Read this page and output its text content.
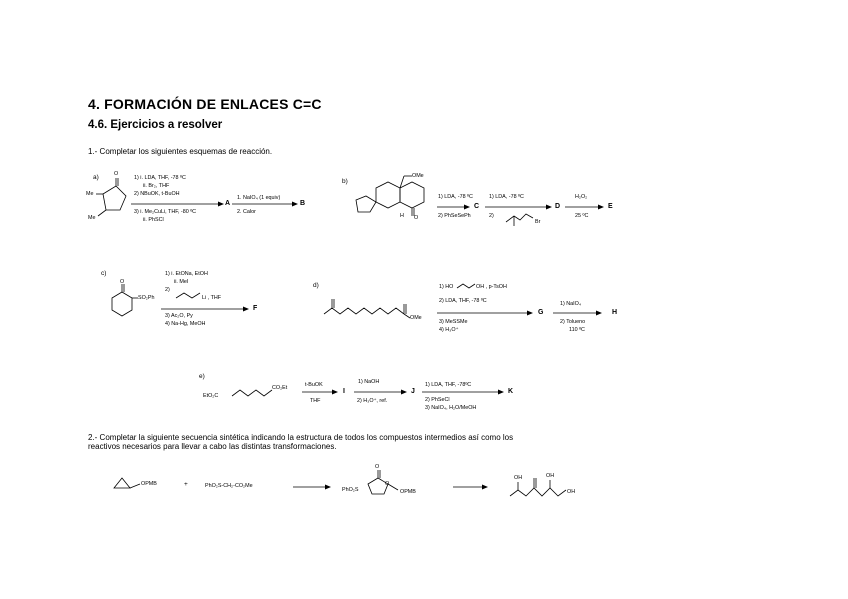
4. FORMACIÓN DE ENLACES C=C
4.6. Ejercicios a resolver
1.- Completar los siguientes esquemas de reacción.
a)
Me
Me
O
1) i. LDA, THF, -78 ºC
ii. Br₂, THF
2) NBuOK, t-BuOH
3) i. Me₂CuLi, THF, -80 ºC
ii. PhSCl
A
1. NaIO₄ (1 equiv)
2. Calor
B
b)
OMe
H O
1) LDA, -78 ºC
2) PhSeSePh
C
1) LDA, -78 ºC
2)
Br
D
H₂O₂
25 ºC
E
c)
O
SO₂Ph
1) i. EtONa, EtOH
ii. MeI
2)
Li , THF
3) Ac₂O, Py
4) Na-Hg, MeOH
F
d)
OMe
1) HO	OH , p-TsOH
2) LDA, THF, -78 ºC
3) MeSSMe
4) H₃O⁺
G
1) NaIO₄
2) Tolueno
110 ºC
H
e)
EtO₂C
CO₂Et	t-BuOK
THF
I
1) NaOH
2) H₃O⁺, ref.
J
1) LDA, THF, -78ºC
2) PhSeCl
3) NaIO₄, H₂O/MeOH
K
2.- Completar la siguiente secuencia sintética indicando la estructura de todos los compuestos intermedios así como los
reactivos necesarios para llevar a cabo las distintas transformaciones.
OPMB	+	PhO₂S-CH₂-CO₂Me
PhO₂S
O
O
OPMB
OH	OH
OH
